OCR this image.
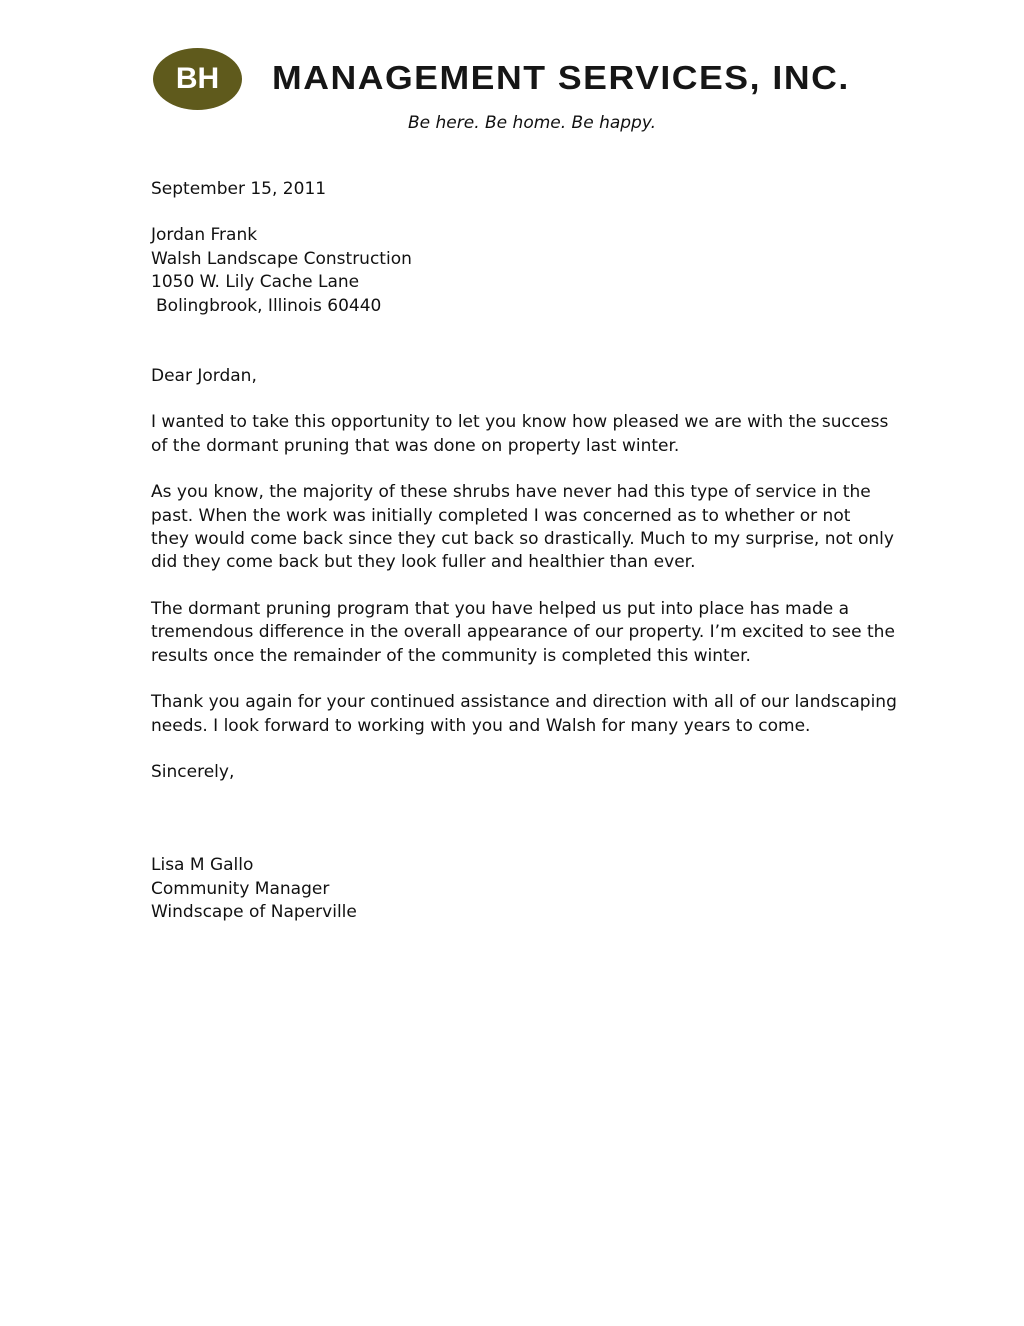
BH MANAGEMENT SERVICES, INC.
Be here. Be home. Be happy.
September 15, 2011
Jordan Frank
Walsh Landscape Construction
1050 W. Lily Cache Lane
Bolingbrook, Illinois 60440
Dear Jordan,
I wanted to take this opportunity to let you know how pleased we are with the success
of the dormant pruning that was done on property last winter.
As you know, the majority of these shrubs have never had this type of service in the
past. When the work was initially completed I was concerned as to whether or not
they would come back since they cut back so drastically. Much to my surprise, not only
did they come back but they look fuller and healthier than ever.
The dormant pruning program that you have helped us put into place has made a
tremendous difference in the overall appearance of our property. I’m excited to see the
results once the remainder of the community is completed this winter.
Thank you again for your continued assistance and direction with all of our landscaping
needs. I look forward to working with you and Walsh for many years to come.
Sincerely,
Lisa M Gallo
Community Manager
Windscape of Naperville
